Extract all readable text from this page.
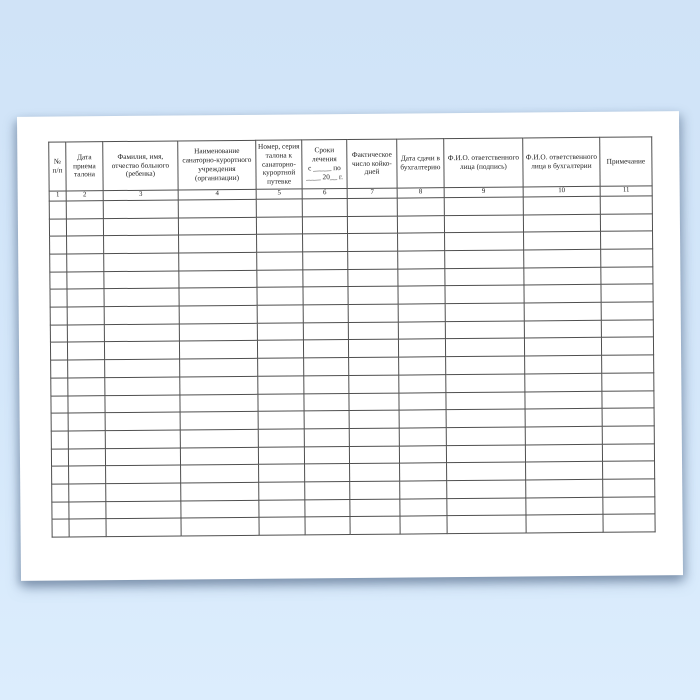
№ п/п	Дата приема талона	Фамилия, имя, отчество больного (ребенка)	Наименование санаторно-курортного учреждения (организации)	Номер, серия талона к санаторно-курортной путевке	Сроки лечения с _____ по ____ 20__ г.	Фактическое число койко-дней	Дата сдачи в бухгалтерию	Ф.И.О. ответственного лица (подпись)	Ф.И.О. ответственного лица в бухгалтерии	Примечание
1	2	3	4	5	6	7	8	9	10	11
